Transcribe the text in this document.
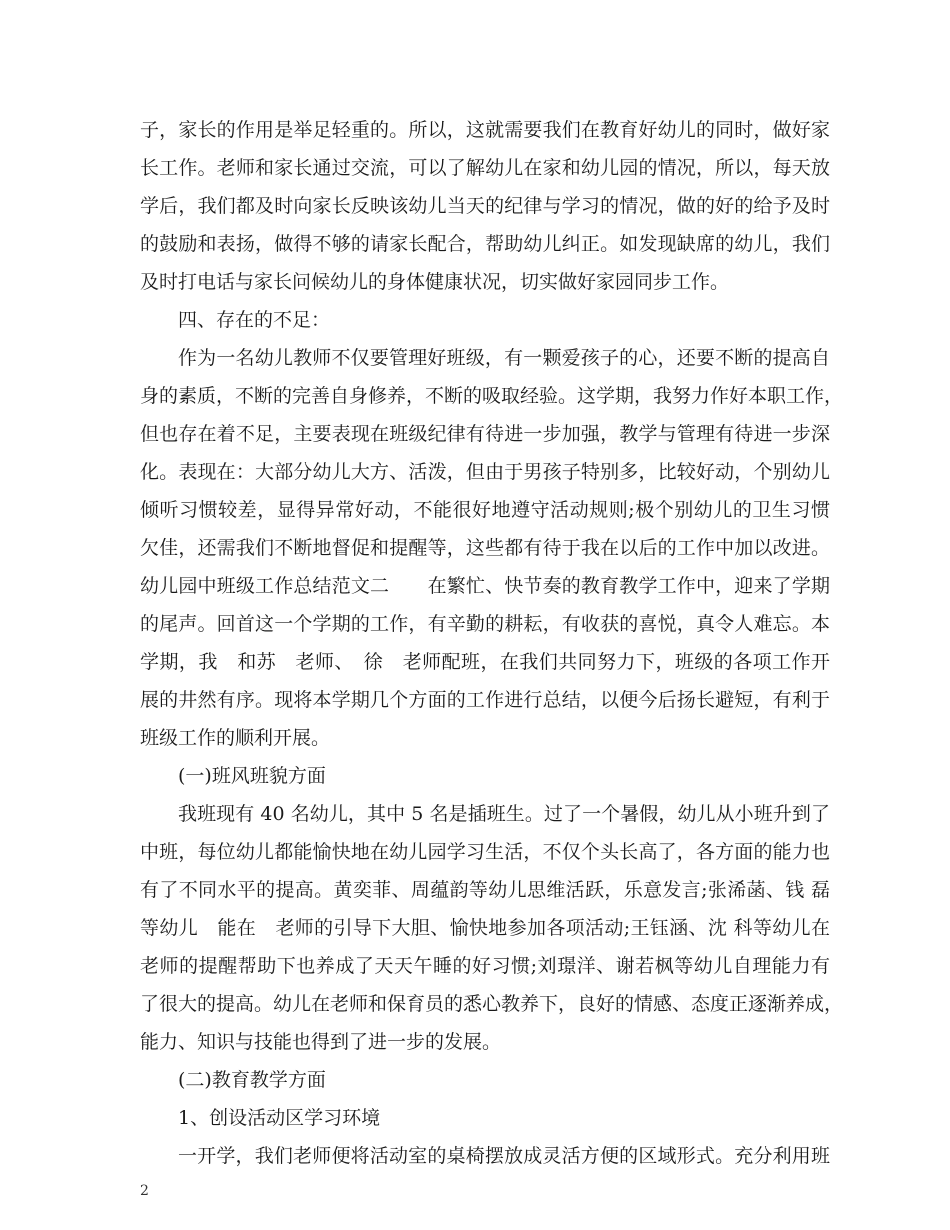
子，家长的作用是举足轻重的。所以，这就需要我们在教育好幼儿的同时，做好家
长工作。老师和家长通过交流，可以了解幼儿在家和幼儿园的情况，所以，每天放
学后，我们都及时向家长反映该幼儿当天的纪律与学习的情况，做的好的给予及时
的鼓励和表扬，做得不够的请家长配合，帮助幼儿纠正。如发现缺席的幼儿，我们
及时打电话与家长问候幼儿的身体健康状况，切实做好家园同步工作。
四、存在的不足：
作为一名幼儿教师不仅要管理好班级，有一颗爱孩子的心，还要不断的提高自
身的素质，不断的完善自身修养，不断的吸取经验。这学期，我努力作好本职工作，
但也存在着不足，主要表现在班级纪律有待进一步加强，教学与管理有待进一步深
化。表现在：大部分幼儿大方、活泼，但由于男孩子特别多，比较好动，个别幼儿
倾听习惯较差，显得异常好动，不能很好地遵守活动规则;极个别幼儿的卫生习惯
欠佳，还需我们不断地督促和提醒等，这些都有待于我在以后的工作中加以改进。
幼儿园中班级工作总结范文二　　在繁忙、快节奏的教育教学工作中，迎来了学期
的尾声。回首这一个学期的工作，有辛勤的耕耘，有收获的喜悦，真令人难忘。本
学期，我　和苏　老师、　徐　老师配班，在我们共同努力下，班级的各项工作开
展的井然有序。现将本学期几个方面的工作进行总结，以便今后扬长避短，有利于
班级工作的顺利开展。
(一)班风班貌方面
我班现有 40 名幼儿，其中 5 名是插班生。过了一个暑假，幼儿从小班升到了
中班，每位幼儿都能愉快地在幼儿园学习生活，不仅个头长高了，各方面的能力也
有了不同水平的提高。黄奕菲、周蕴韵等幼儿思维活跃，乐意发言;张浠菡、钱 磊
等幼儿　能在　老师的引导下大胆、愉快地参加各项活动;王钰涵、沈 科等幼儿在
老师的提醒帮助下也养成了天天午睡的好习惯;刘璟洋、谢若枫等幼儿自理能力有
了很大的提高。幼儿在老师和保育员的悉心教养下，良好的情感、态度正逐渐养成，
能力、知识与技能也得到了进一步的发展。
(二)教育教学方面
1、创设活动区学习环境
一开学，我们老师便将活动室的桌椅摆放成灵活方便的区域形式。充分利用班
2
